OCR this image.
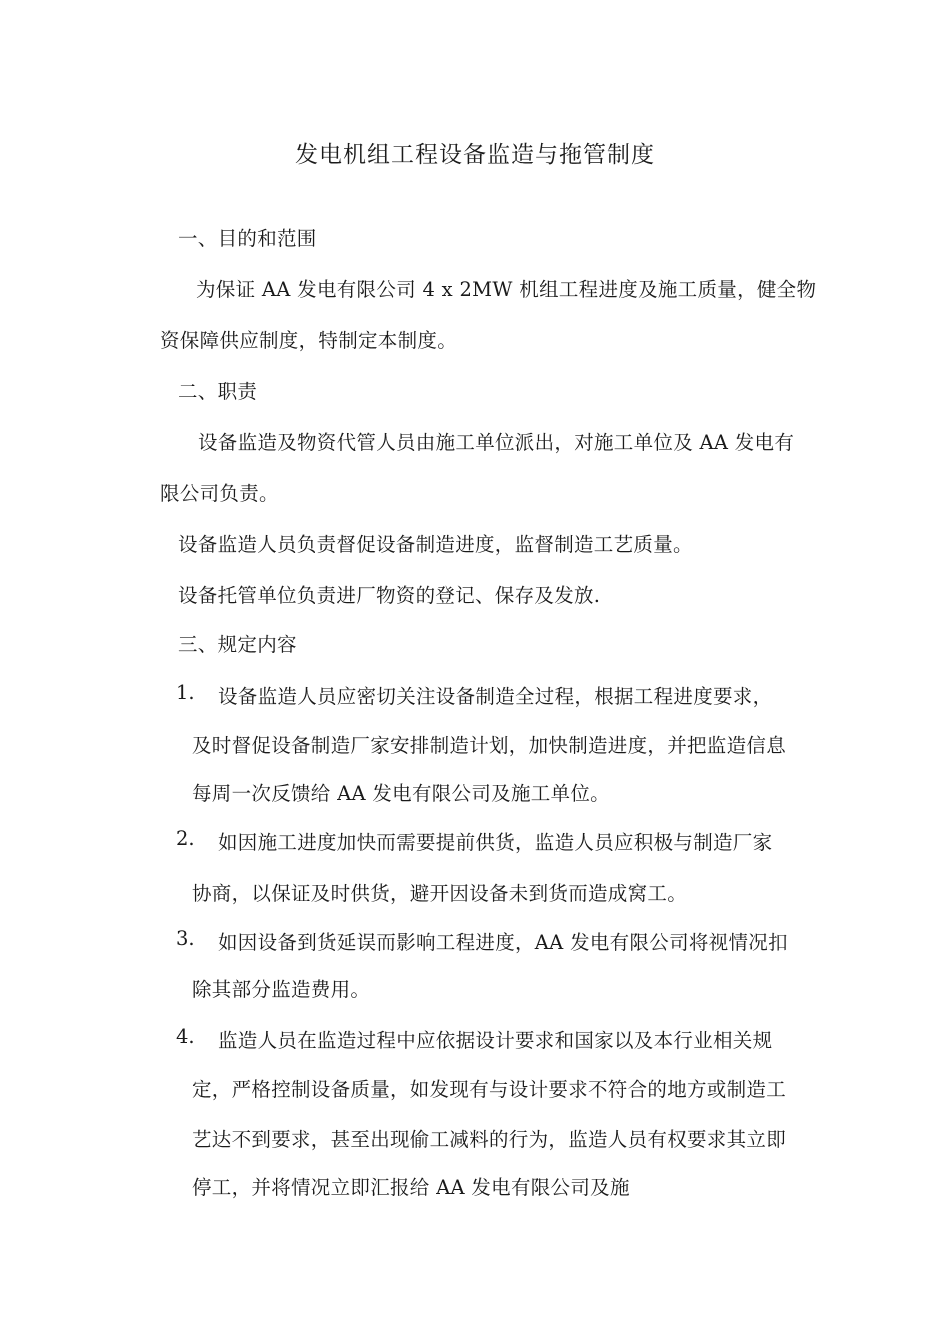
发电机组工程设备监造与拖管制度
一、目的和范围
为保证 AA 发电有限公司 4 x 2MW 机组工程进度及施工质量，健全物
资保障供应制度，特制定本制度。
二、职责
设备监造及物资代管人员由施工单位派出，对施工单位及 AA 发电有
限公司负责。
设备监造人员负责督促设备制造进度，监督制造工艺质量。
设备托管单位负责进厂物资的登记、保存及发放.
三、规定内容
1. 设备监造人员应密切关注设备制造全过程，根据工程进度要求，
及时督促设备制造厂家安排制造计划，加快制造进度，并把监造信息
每周一次反馈给 AA 发电有限公司及施工单位。
2. 如因施工进度加快而需要提前供货，监造人员应积极与制造厂家
协商，以保证及时供货，避开因设备未到货而造成窝工。
3. 如因设备到货延误而影响工程进度，AA 发电有限公司将视情况扣
除其部分监造费用。
4. 监造人员在监造过程中应依据设计要求和国家以及本行业相关规
定，严格控制设备质量，如发现有与设计要求不符合的地方或制造工
艺达不到要求，甚至出现偷工减料的行为，监造人员有权要求其立即
停工，并将情况立即汇报给 AA 发电有限公司及施
